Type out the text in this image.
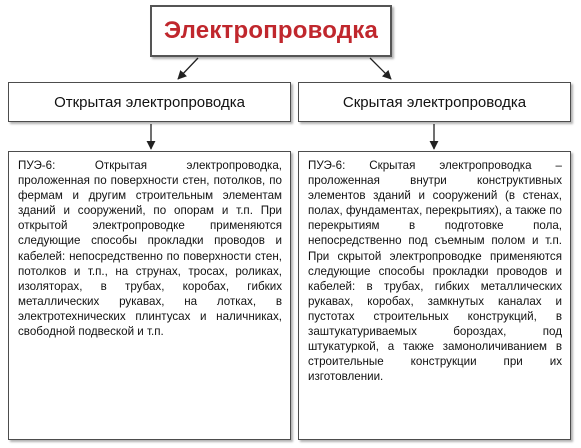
Электропроводка
Открытая электропроводка	Скрытая электропроводка
ПУЭ-6: Открытая электропроводка, проложенная по поверхности стен, потолков, по фермам и другим строительным элементам зданий и сооружений, по опорам и т.п. При открытой электропроводке применяются следующие способы прокладки проводов и кабелей: непосредственно по поверхности стен, потолков и т.п., на струнах, тросах, роликах, изоляторах, в трубах, коробах, гибких металлических рукавах, на лотках, в электротехнических плинтусах и наличниках, свободной подвеской и т.п.
ПУЭ-6: Скрытая электропроводка – проложенная внутри конструктивных элементов зданий и сооружений (в стенах, полах, фундаментах, перекрытиях), а также по перекрытиям в подготовке пола, непосредственно под съемным полом и т.п. При скрытой электропроводке применяются следующие способы прокладки проводов и кабелей: в трубах, гибких металлических рукавах, коробах, замкнутых каналах и пустотах строительных конструкций, в заштукатуриваемых бороздах, под штукатуркой, а также замоноличиванием в строительные конструкции при их изготовлении.
